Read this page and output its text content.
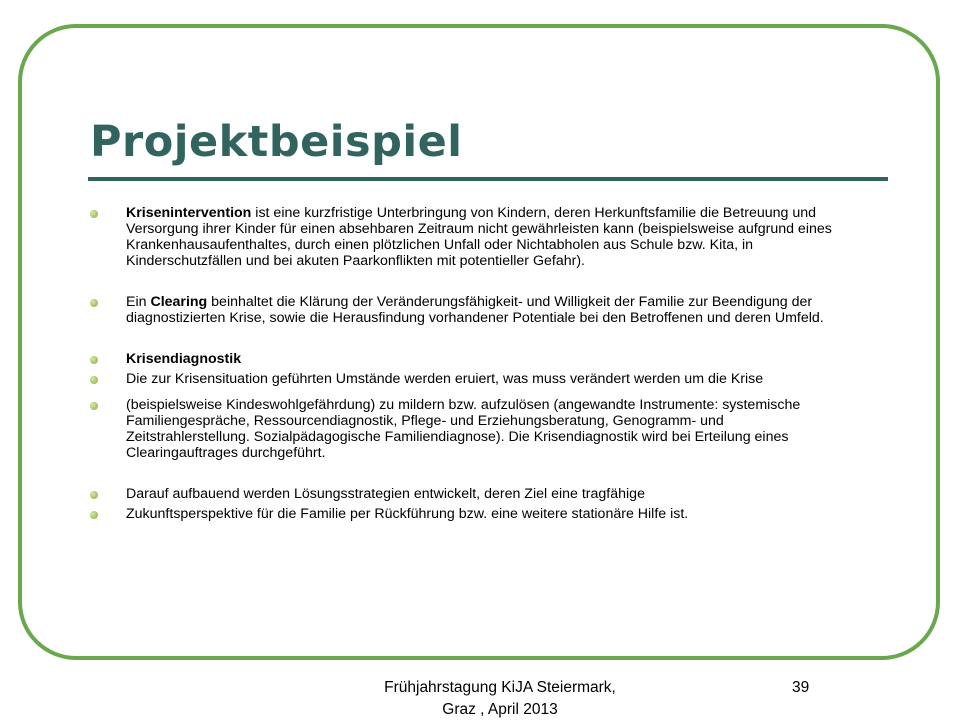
Projektbeispiel
Krisenintervention ist eine kurzfristige Unterbringung von Kindern, deren Herkunftsfamilie die Betreuung und Versorgung ihrer Kinder für einen absehbaren Zeitraum nicht gewährleisten kann (beispielsweise aufgrund eines Krankenhausaufenthaltes, durch einen plötzlichen Unfall oder Nichtabholen aus Schule bzw. Kita, in Kinderschutzfällen und bei akuten Paarkonflikten mit potentieller Gefahr).
Ein Clearing beinhaltet die Klärung der Veränderungsfähigkeit- und Willigkeit der Familie zur Beendigung der diagnostizierten Krise, sowie die Herausfindung vorhandener Potentiale bei den Betroffenen und deren Umfeld.
Krisendiagnostik
Die zur Krisensituation geführten Umstände werden eruiert, was muss verändert werden um die Krise
(beispielsweise Kindeswohlgefährdung) zu mildern bzw. aufzulösen (angewandte Instrumente: systemische Familiengespräche, Ressourcendiagnostik, Pflege- und Erziehungsberatung, Genogramm- und Zeitstrahlerstellung. Sozialpädagogische Familiendiagnose). Die Krisendiagnostik wird bei Erteilung eines Clearingauftrages durchgeführt.
Darauf aufbauend werden Lösungsstrategien entwickelt, deren Ziel eine tragfähige
Zukunftsperspektive für die Familie per Rückführung bzw. eine weitere stationäre Hilfe ist.
Frühjahrstagung KiJA Steiermark,
Graz , April 2013
39
